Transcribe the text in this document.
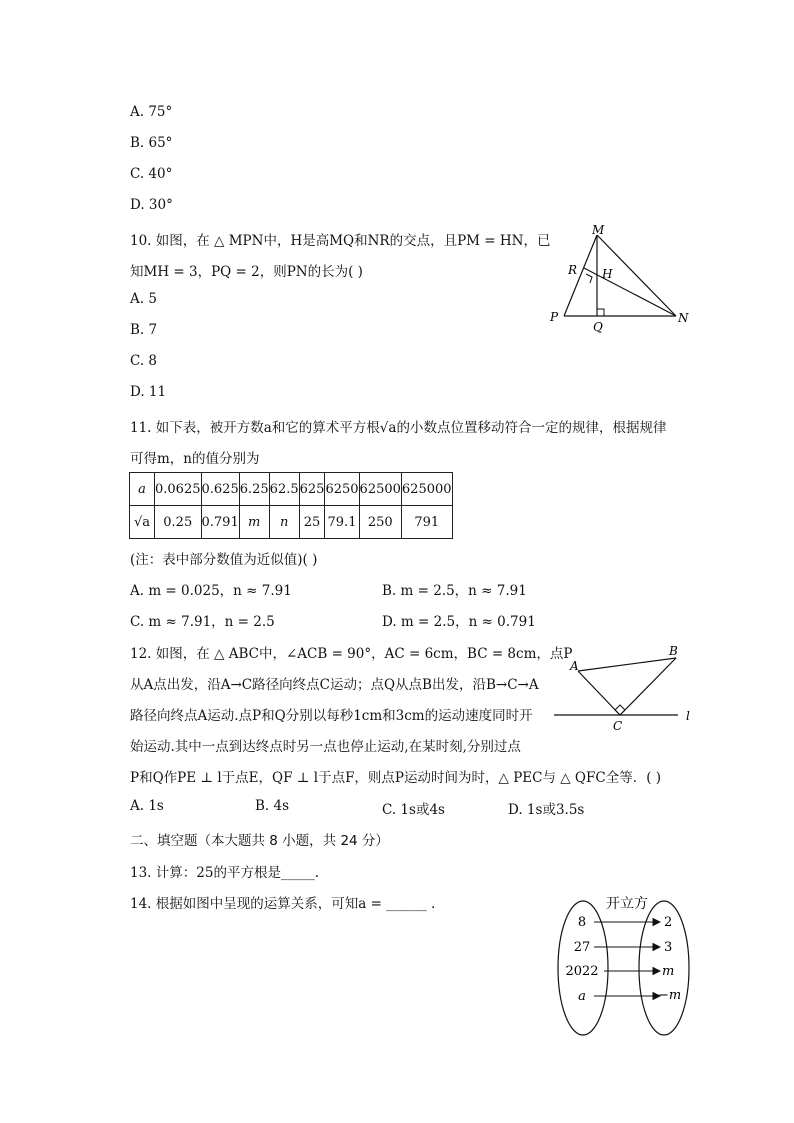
A. 75°
B. 65°
C. 40°
D. 30°
10. 如图，在 △ MPN中，H是高MQ和NR的交点，且PM = HN，已
知MH = 3，PQ = 2，则PN的长为( )
A. 5
B. 7
C. 8
D. 11
M
R H
P
Q
N
11. 如下表，被开方数a和它的算术平方根√a的小数点位置移动符合一定的规律，根据规律
可得m，n的值分别为
a	0.0625	0.625	6.25	62.5	625	6250	62500	625000
√a	0.25	0.791	m	n	25	79.1	250	791
(注：表中部分数值为近似值)( )
A. m = 0.025，n ≈ 7.91	B. m = 2.5，n ≈ 7.91
C. m ≈ 7.91，n = 2.5	D. m = 2.5，n ≈ 0.791
12. 如图，在 △ ABC中，∠ACB = 90°，AC = 6cm，BC = 8cm，点P
从A点出发，沿A→C路径向终点C运动；点Q从点B出发，沿B→C→A
路径向终点A运动.点P和Q分别以每秒1cm和3cm的运动速度同时开
始运动.其中一点到达终点时另一点也停止运动,在某时刻,分别过点
P和Q作PE ⊥ l于点E，QF ⊥ l于点F，则点P运动时间为时，△ PEC与 △ QFC全等．( )
A
B
C
l
A. 1s	B. 4s	C. 1s或4s	D. 1s或3.5s
二、填空题（本大题共 8 小题，共 24 分）
13. 计算：25的平方根是_____.
14. 根据如图中呈现的运算关系，可知a = ______ .	开立方
8
27
2022
a
2
3
m
−m
